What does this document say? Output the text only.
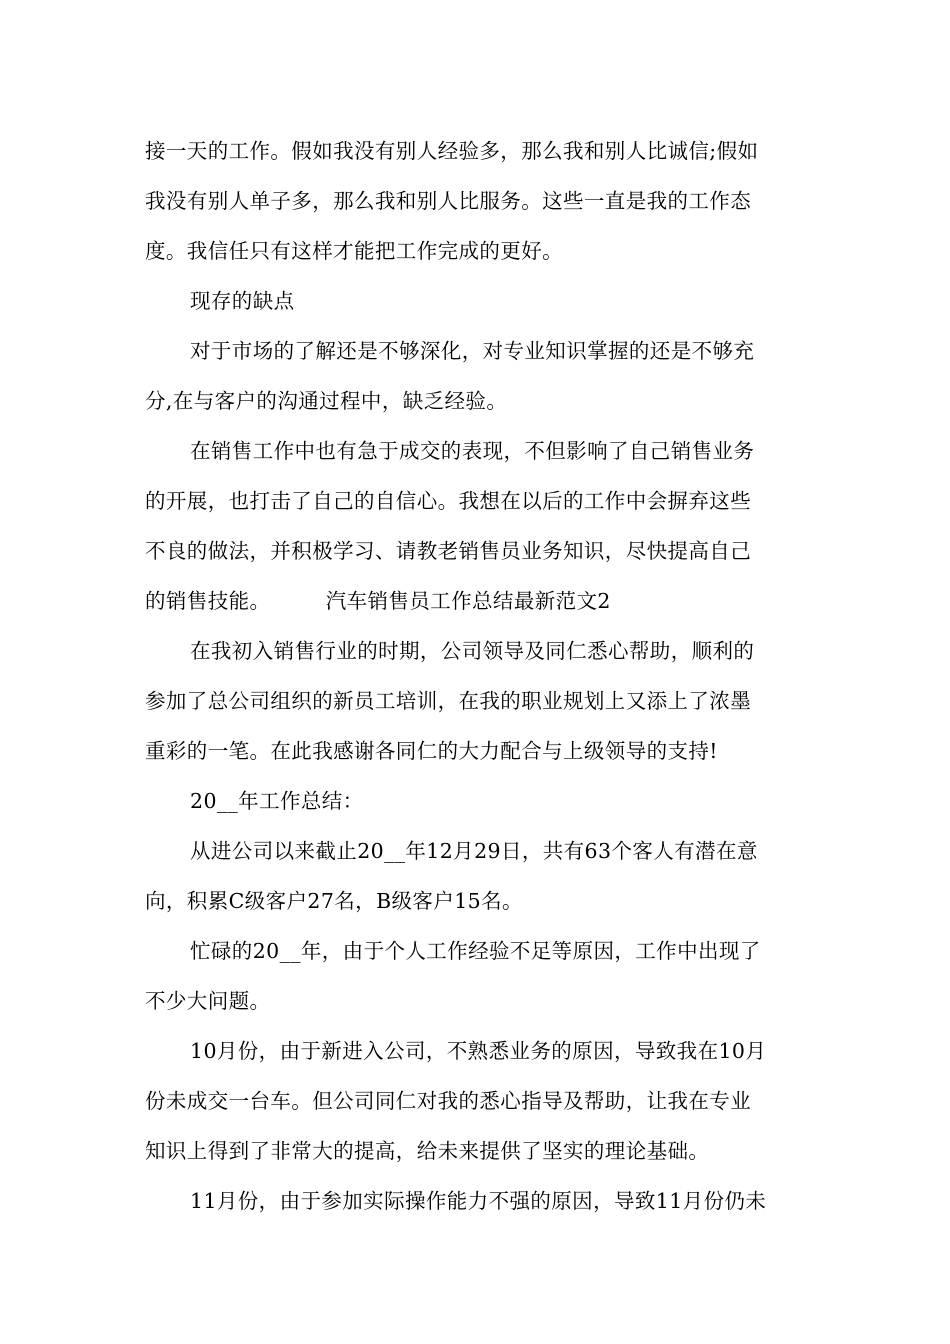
接一天的工作。假如我没有别人经验多，那么我和别人比诚信;假如
我没有别人单子多，那么我和别人比服务。这些一直是我的工作态
度。我信任只有这样才能把工作完成的更好。
现存的缺点
对于市场的了解还是不够深化，对专业知识掌握的还是不够充
分,在与客户的沟通过程中，缺乏经验。
在销售工作中也有急于成交的表现，不但影响了自己销售业务
的开展，也打击了自己的自信心。我想在以后的工作中会摒弃这些
不良的做法，并积极学习、请教老销售员业务知识，尽快提高自己
的销售技能。        汽车销售员工作总结最新范文2
在我初入销售行业的时期，公司领导及同仁悉心帮助，顺利的
参加了总公司组织的新员工培训，在我的职业规划上又添上了浓墨
重彩的一笔。在此我感谢各同仁的大力配合与上级领导的支持!
20__年工作总结：
从进公司以来截止20__年12月29日，共有63个客人有潜在意
向，积累C级客户27名，B级客户15名。
忙碌的20__年，由于个人工作经验不足等原因，工作中出现了
不少大问题。
10月份，由于新进入公司，不熟悉业务的原因，导致我在10月
份未成交一台车。但公司同仁对我的悉心指导及帮助，让我在专业
知识上得到了非常大的提高，给未来提供了坚实的理论基础。
11月份，由于参加实际操作能力不强的原因，导致11月份仍未
